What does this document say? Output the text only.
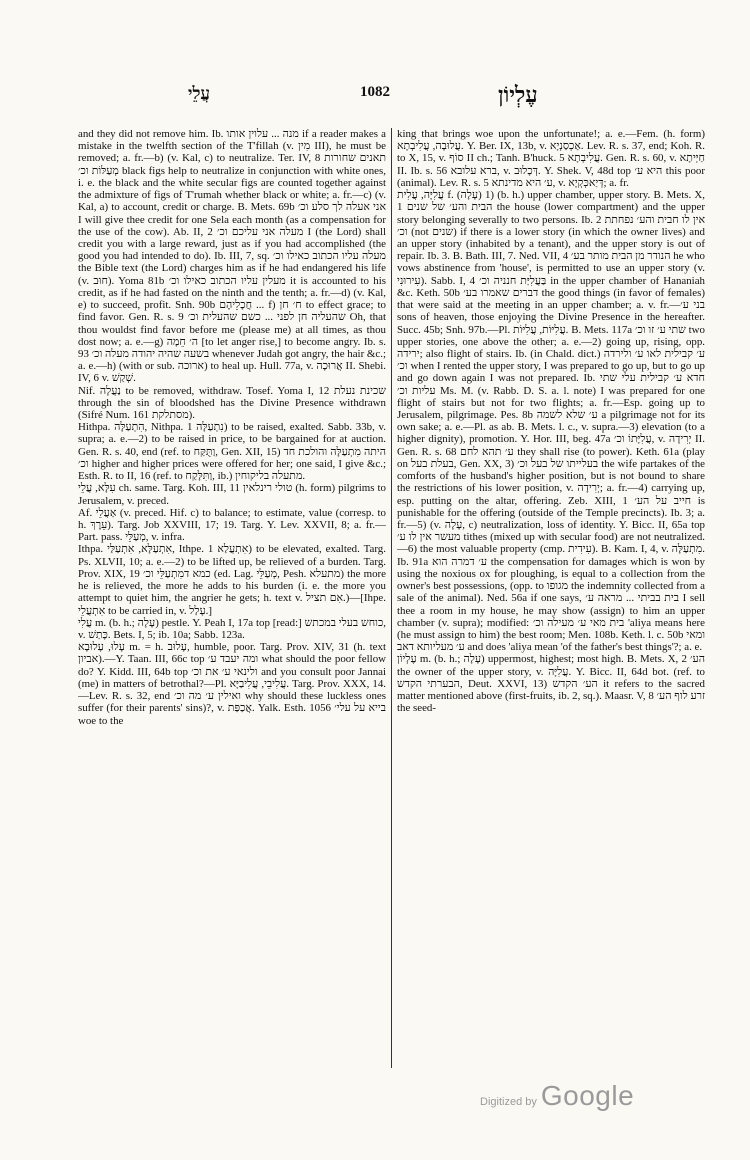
עֲלֵי	1082	עֶלְיוֹן

and they did not remove him. Ib. מנה ... עלוין אותו if a reader makes a mistake in the twelfth section of the T'fillah (v. מִין III), he must be removed; a. fr.—b) (v. Kal, c) to neutralize. Ter. IV, 8 תאנים שחורות מְעַלּוֹת וכ׳ black figs help to neutralize in conjunction with white ones, i. e. the black and the white secular figs are counted together against the admixture of figs of T'rumah whether black or white; a. fr.—c) (v. Kal, a) to account, credit or charge. B. Mets. 69b אני אעלה לך סלע וכ׳ I will give thee credit for one Sela each month (as a compensation for the use of the cow). Ab. II, 2 מעלה אני עליכם וכ׳ I (the Lord) shall credit you with a large reward, just as if you had accomplished (the good you had intended to do). Ib. III, 7, sq. מעלה עליו הכתוב כאילו וכ׳ the Bible text (the Lord) charges him as if he had endangered his life (v. חוּב). Yoma 81b מעלין עליו הכתוב כאילו וכ׳ it is accounted to his credit, as if he had fasted on the ninth and the tenth; a. fr.—d) (v. Kal, e) to succeed, profit. Snh. 90b חֲכָלֵיהֶם ... f) ח׳ חן to effect grace; to find favor. Gen. R. s. 9 שהעליה חן לפני ... כשם שהעלית וכ׳ Oh, that thou wouldst find favor before me (please me) at all times, as thou dost now; a. e.—g) ה׳ חֵמָה [to let anger rise,] to become angry. Ib. s. 93 בשעה שהיה יהודה מעלה וכ׳ whenever Judah got angry, the hair &c.; a. e.—h) (with or sub. ארוכה) to heal up. Hull. 77a, v. אֲרוּכָה II. Shebi. IV, 6 v. שְׁקַשׁ.

Nif. נַעֲלָה to be removed, withdraw. Tosef. Yoma I, 12 שכינת נעלת through the sin of bloodshed has the Divine Presence withdrawn (Sifré Num. 161 מסתלקת).

Hithpa. הִתְעַלָּה, Nithpa. נִתְעַלָּה 1) to be raised, exalted. Sabb. 33b, v. supra; a. e.—2) to be raised in price, to be bargained for at auction. Gen. R. s. 40, end (ref. to וַתֻּקַּח, Gen. XII, 15) היתה מִתְעַלָּה והולכת חד וכ׳ higher and higher prices were offered for her; one said, I give &c.; Esth. R. to II, 16 (ref. to וַתִּלָּקַח, ib.) מתעלה בליקוחין.

עִלָּא, עֲלֵי ch. same. Targ. Koh. III, 11 טולי רינלאין (h. form) pilgrims to Jerusalem, v. preced.

Af. אַעֲלֵי (v. preced. Hif. c) to balance; to estimate, value (corresp. to h. עֵרֶךְ). Targ. Job XXVIII, 17; 19. Targ. Y. Lev. XXVII, 8; a. fr.—Part. pass. מְעַלֵּי, v. infra.

Ithpa. אִתְעַלָּא, אִתְעַלַּי, Ithpe. אִתְעֲלַא 1) to be elevated, exalted. Targ. Ps. XLVII, 10; a. e.—2) to be lifted up, be relieved of a burden. Targ. Prov. XIX, 19 כמא דמִתְעַלֵּי וכ׳ (ed. Lag. מְעַלֵּי, Pesh. מתעלא) the more he is relieved, the more he adds to his burden (i. e. the more you attempt to quiet him, the angrier he gets; h. text v. אִם תציל.)—[Ihpe. אִתְעֲלֵי to be carried in, v. עָלַל.]

עֲלִי m. (b. h.; עָלָה) pestle. Y. Peah I, 17a top [read:] כוחש בעלי במכתש, v. כָּתַשׁ. Bets. I, 5; ib. 10a; Sabb. 123a.

עָלוּ, עָלוּבָא m. = h. עָלוּב, humble, poor. Targ. Prov. XIV, 31 (h. text אביון).—Y. Taan. III, 66c top ומה יעבד ע׳ what should the poor fellow do? Y. Kidd. III, 64b top ולינאי ע׳ את וכ׳ and you consult poor Jannai (me) in matters of betrothal?—Pl. עֲלִיבֵי, עֲלִיבַיָּא. Targ. Prov. XXX, 14.—Lev. R. s. 32, end ואילין ע׳ מה וכ׳ why should these luckless ones suffer (for their parents' sins)?, v. אֲכַפַּת. Yalk. Esth. 1056 בייא על עלי׳ woe to the

king that brings woe upon the unfortunate!; a. e.—Fem. (h. form) עֲלוּבָה, עֲלִיבְתָא. Y. Ber. IX, 13b, v. אַכְסַנְיָא. Lev. R. s. 37, end; Koh. R. to X, 15, v. סוֹף II ch.; Tanh. B'huck. 5 עֲלִיבְתָא. Gen. R. s. 60, v. חַיְּיתָא II. Ib. s. 56 ברא עלובא, v. דְּכָלוּב. Y. Shek. V, 48d top היא ע׳ this poor (animal). Lev. R. s. 5 ע׳ היא מדינתא, v. דְּיַאכְּקְיָא; a. fr.

עֲלִיָּה, עֲלִית f. (עָלָה) 1) (b. h.) upper chamber, upper story. B. Mets. X, 1 הבית והע׳ של שנים the house (lower compartment) and the upper story belonging severally to two persons. Ib. 2 אין לו חבית והע׳ נפחתת וכ׳ (not שנים) if there is a lower story (in which the owner lives) and an upper story (inhabited by a tenant), and the upper story is out of repair. Ib. 3. B. Bath. III, 7. Ned. VII, 4 הנודר מן הבית מותר בע׳ he who vows abstinence from 'house', is permitted to use an upper story (v. עִירוּנִי). Sabb. I, 4 בַּעֲלִיַּת חנניה וכ׳ in the upper chamber of Hananiah &c. Keth. 50b דברים שאמרו בע׳ the good things (in favor of females) that were said at the meeting in an upper chamber; a. v. fr.—בני ע׳ sons of heaven, those enjoying the Divine Presence in the hereafter. Succ. 45b; Snh. 97b.—Pl. עֲלִיּוֹת, עֲלִיּוֹת. B. Mets. 117a שתי ע׳ זו וכ׳ two upper stories, one above the other; a. e.—2) going up, rising, opp. ירידה; also flight of stairs. Ib. (in Chald. dict.) ע׳ קבילית לאו ע׳ ולירדה וכ׳ when I rented the upper story, I was prepared to go up, but to go up and go down again I was not prepared. Ib. חדא ע׳ קבילית עלי שתי עליות וכ׳ Ms. M. (v. Rabb. D. S. a. l. note) I was prepared for one flight of stairs but not for two flights; a. fr.—Esp. going up to Jerusalem, pilgrimage. Pes. 8b ע׳ שלא לשמה a pilgrimage not for its own sake; a. e.—Pl. as ab. B. Mets. l. c., v. supra.—3) elevation (to a higher dignity), promotion. Y. Hor. III, beg. 47a עֲלִיָּתוֹ וכ׳, v. יְרִידָה II. Gen. R. s. 68 ע׳ תהא לחם they shall rise (to power). Keth. 61a (play on בעלת בעל, Gen. XX, 3) בעלייתו של בעל וכ׳ the wife partakes of the comforts of the husband's higher position, but is not bound to share the restrictions of his lower position, v. יְרִידָה; a. fr.—4) carrying up, esp. putting on the altar, offering. Zeb. XIII, 1 חייב על הע׳ is punishable for the offering (outside of the Temple precincts). Ib. 3; a. fr.—5) (v. עָלָה, c) neutralization, loss of identity. Y. Bicc. II, 65a top מעשר אין לו ע׳ tithes (mixed up with secular food) are not neutralized.—6) the most valuable property (cmp. עִידִית). B. Kam. I, 4, v. מִתְעַלָּה. Ib. 91a ע׳ דמרה הוא the compensation for damages which is won by using the noxious ox for ploughing, is equal to a collection from the owner's best possessions, (opp. to מגופו the indemnity collected from a sale of the animal). Ned. 56a if one says, בית בביתי ... מראה ע׳ I sell thee a room in my house, he may show (assign) to him an upper chamber (v. supra); modified: בית מאי ע׳ מעילה וכ׳ 'aliya means here (he must assign to him) the best room; Men. 108b. Keth. l. c. 50b ומאי ע׳ מעליותא דאב and does 'aliya mean 'of the father's best things'?; a. e.

עֶלְיוֹן m. (b. h.; עָלָה) uppermost, highest; most high. B. Mets. X, 2 הע׳ the owner of the upper story, v. עֲלִיָּה. Y. Bicc. II, 64d bot. (ref. to הבערתי הקדש, Deut. XXVI, 13) הע׳ הקדש it refers to the sacred matter mentioned above (first-fruits, ib. 2, sq.). Maasr. V, 8 זרע לוף הע׳ the seed-

Digitized by Google
